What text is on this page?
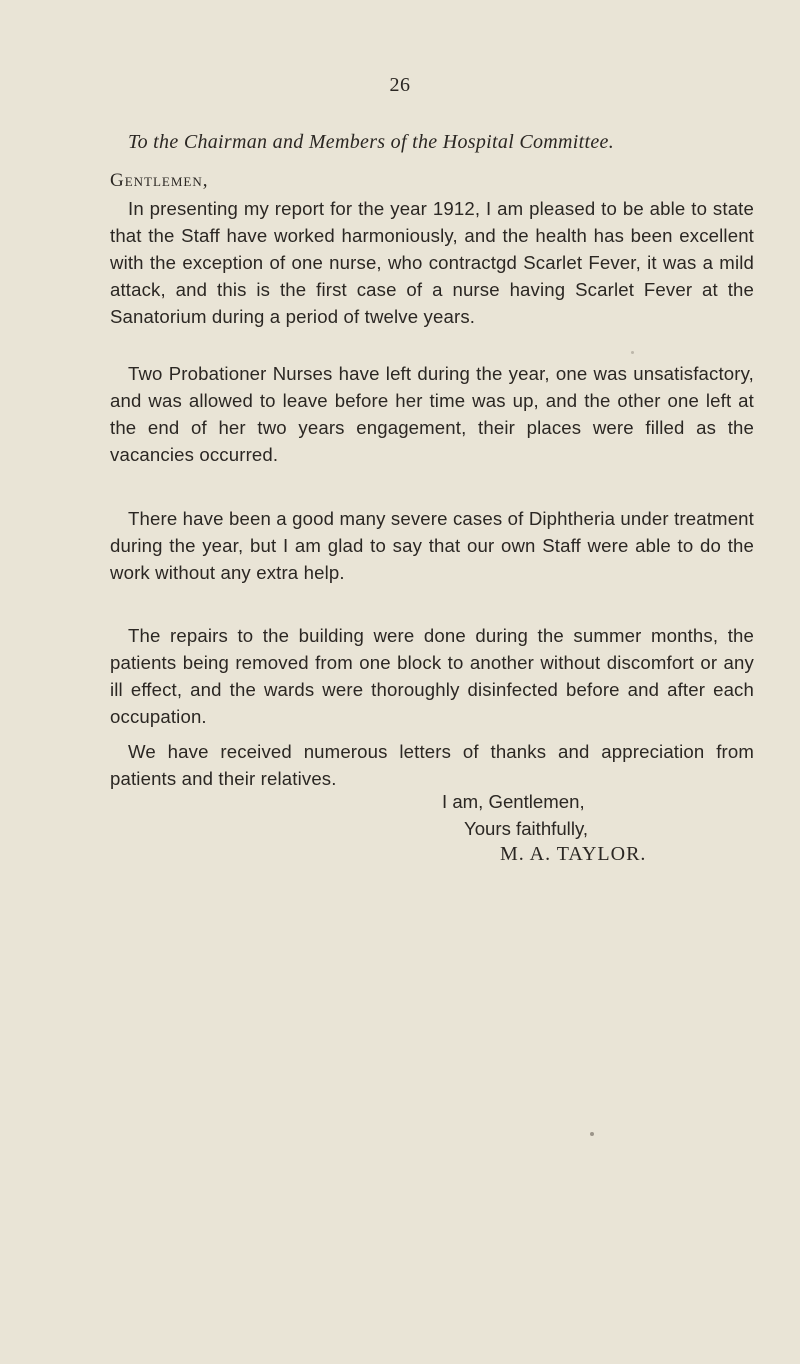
26
To the Chairman and Members of the Hospital Committee.
Gentlemen,

In presenting my report for the year 1912, I am pleased to be able to state that the Staff have worked harmoniously, and the health has been excellent with the exception of one nurse, who contractgd Scarlet Fever, it was a mild attack, and this is the first case of a nurse having Scarlet Fever at the Sanatorium during a period of twelve years.

Two Probationer Nurses have left during the year, one was unsatisfactory, and was allowed to leave before her time was up, and the other one left at the end of her two years engagement, their places were filled as the vacancies occurred.

There have been a good many severe cases of Diphtheria under treatment during the year, but I am glad to say that our own Staff were able to do the work without any extra help.

The repairs to the building were done during the summer months, the patients being removed from one block to another without discomfort or any ill effect, and the wards were thoroughly disinfected before and after each occupation.

We have received numerous letters of thanks and appreciation from patients and their relatives.

I am, Gentlemen,
Yours faithfully,
M. A. TAYLOR.
